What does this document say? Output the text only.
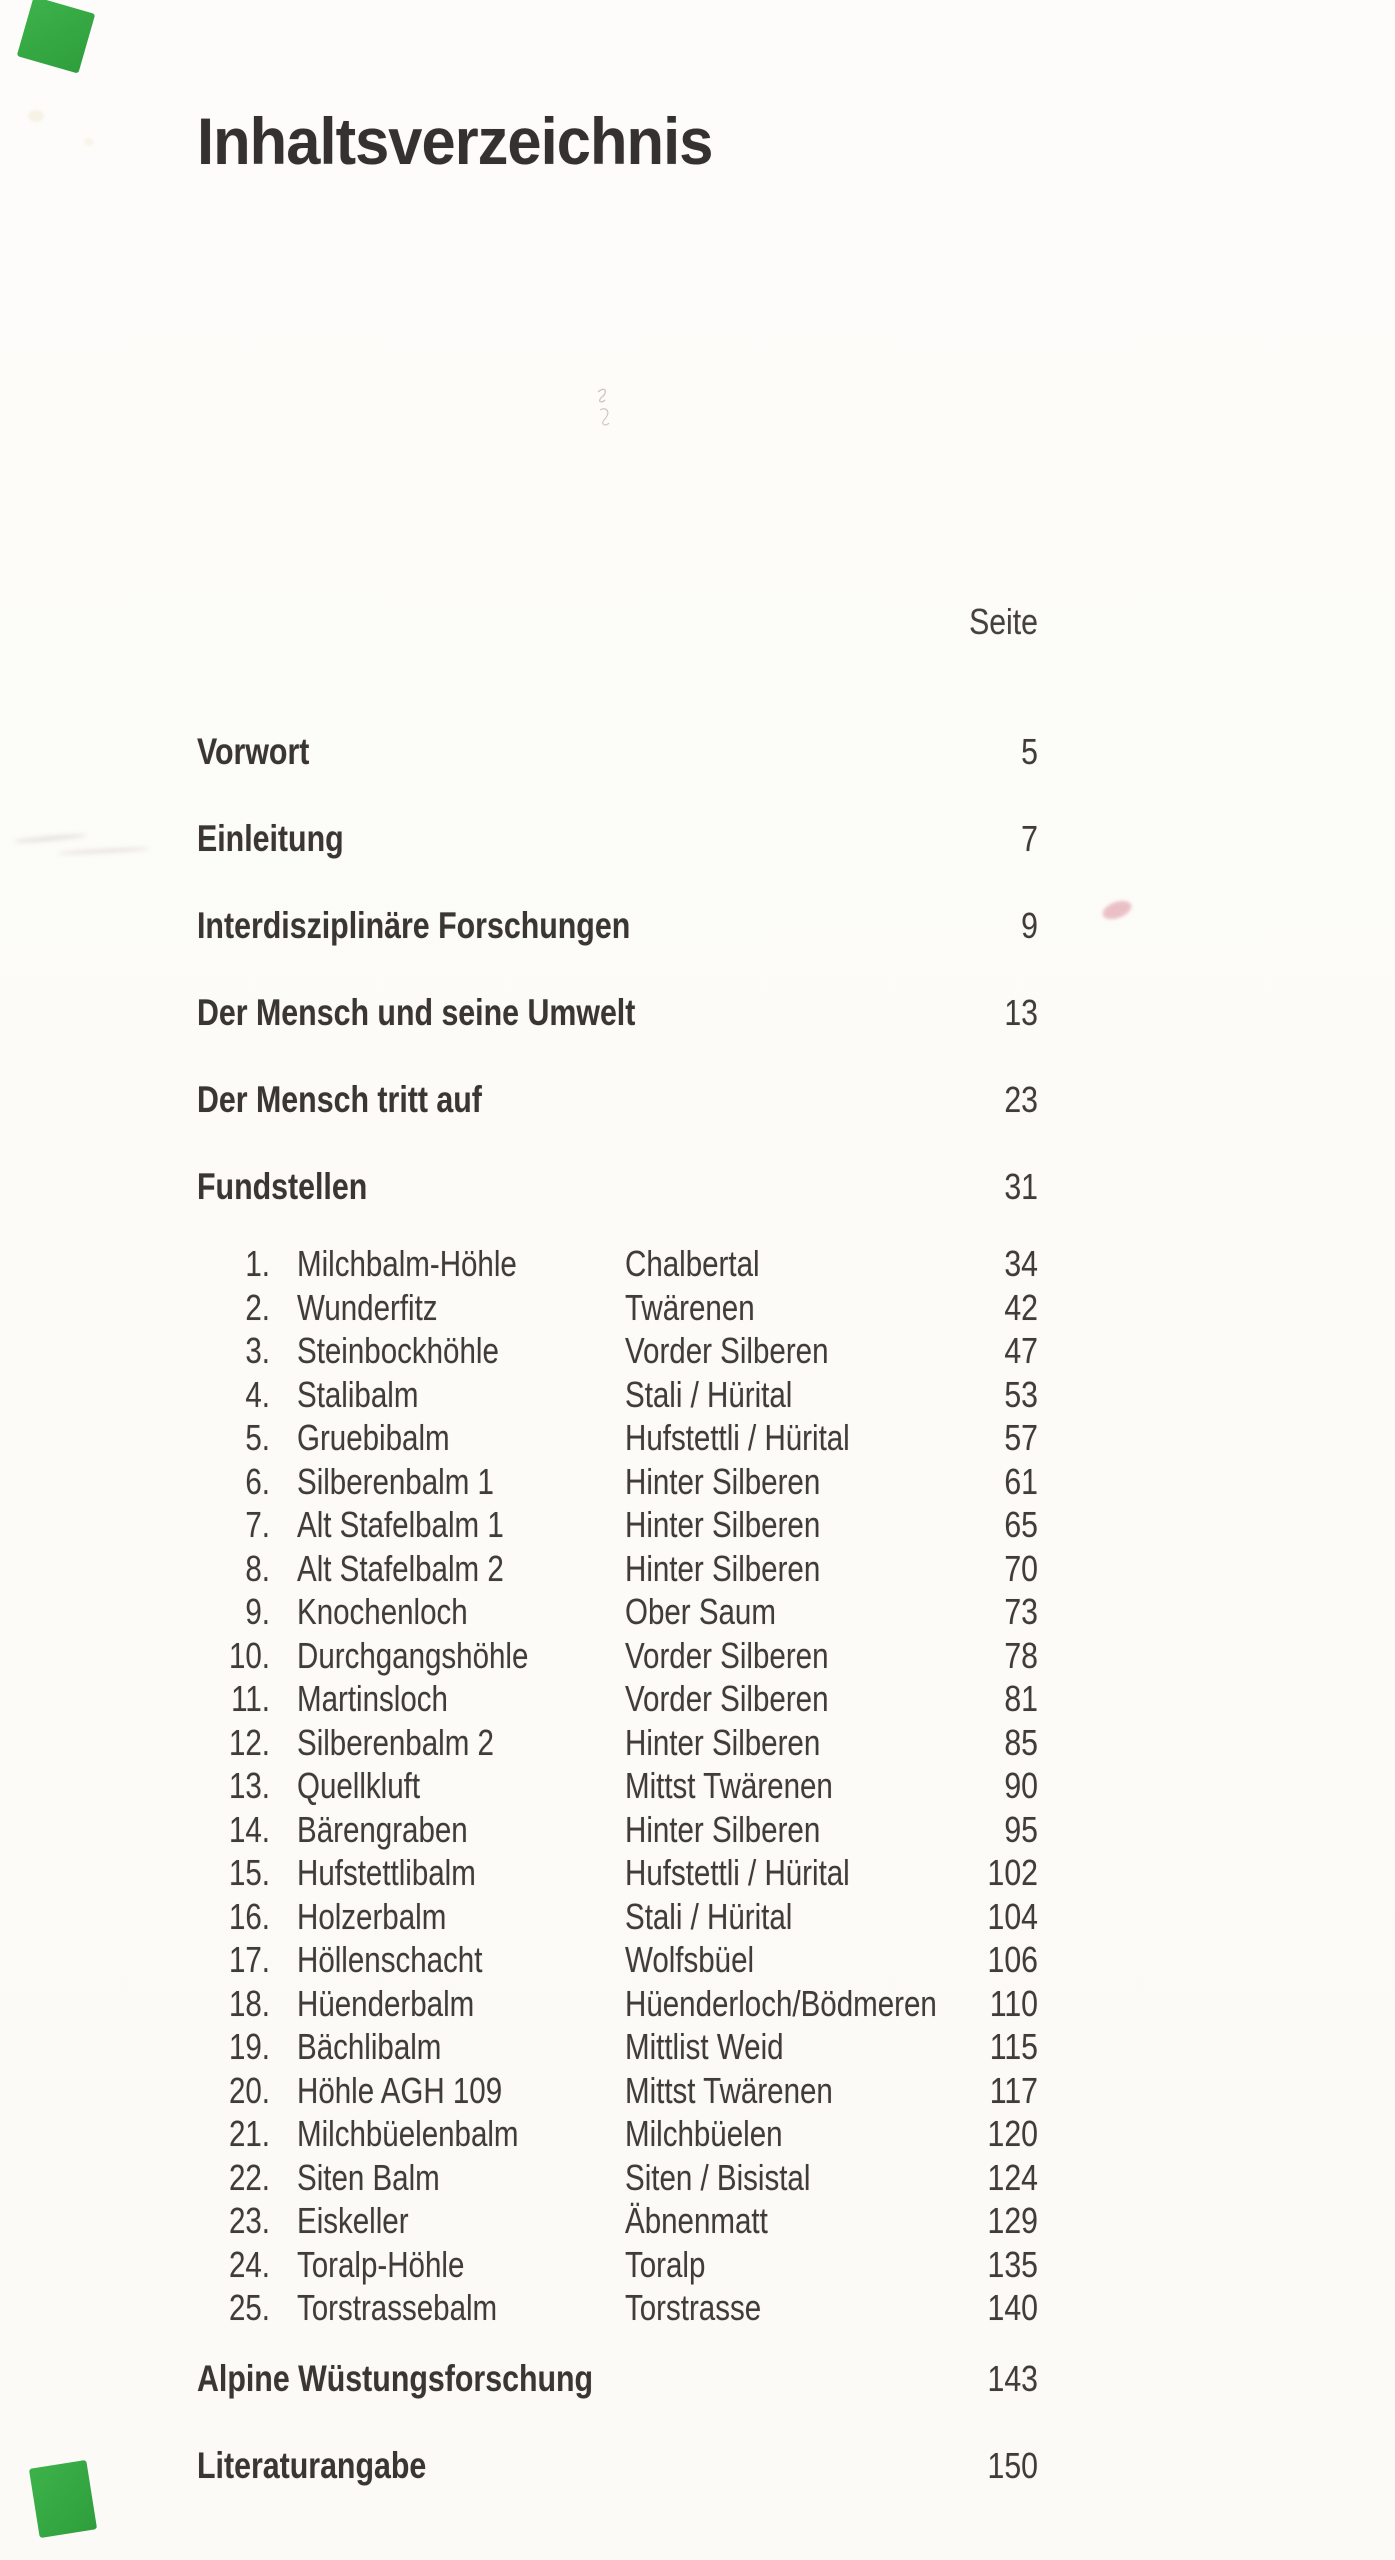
Inhaltsverzeichnis
Seite
Vorwort	5
Einleitung	7
Interdisziplinäre Forschungen	9
Der Mensch und seine Umwelt	13
Der Mensch tritt auf	23
Fundstellen	31
1. Milchbalm-Höhle	Chalbertal	34
2. Wunderfitz	Twärenen	42
3. Steinbockhöhle	Vorder Silberen	47
4. Stalibalm	Stali / Hürital	53
5. Gruebibalm	Hufstettli / Hürital	57
6. Silberenbalm 1	Hinter Silberen	61
7. Alt Stafelbalm 1	Hinter Silberen	65
8. Alt Stafelbalm 2	Hinter Silberen	70
9. Knochenloch	Ober Saum	73
10. Durchgangshöhle	Vorder Silberen	78
11. Martinsloch	Vorder Silberen	81
12. Silberenbalm 2	Hinter Silberen	85
13. Quellkluft	Mittst Twärenen	90
14. Bärengraben	Hinter Silberen	95
15. Hufstettlibalm	Hufstettli / Hürital	102
16. Holzerbalm	Stali / Hürital	104
17. Höllenschacht	Wolfsbüel	106
18. Hüenderbalm	Hüenderloch/Bödmeren	110
19. Bächlibalm	Mittlist Weid	115
20. Höhle AGH 109	Mittst Twärenen	117
21. Milchbüelenbalm	Milchbüelen	120
22. Siten Balm	Siten / Bisistal	124
23. Eiskeller	Äbnenmatt	129
24. Toralp-Höhle	Toralp	135
25. Torstrassebalm	Torstrasse	140
Alpine Wüstungsforschung	143
Literaturangabe	150
